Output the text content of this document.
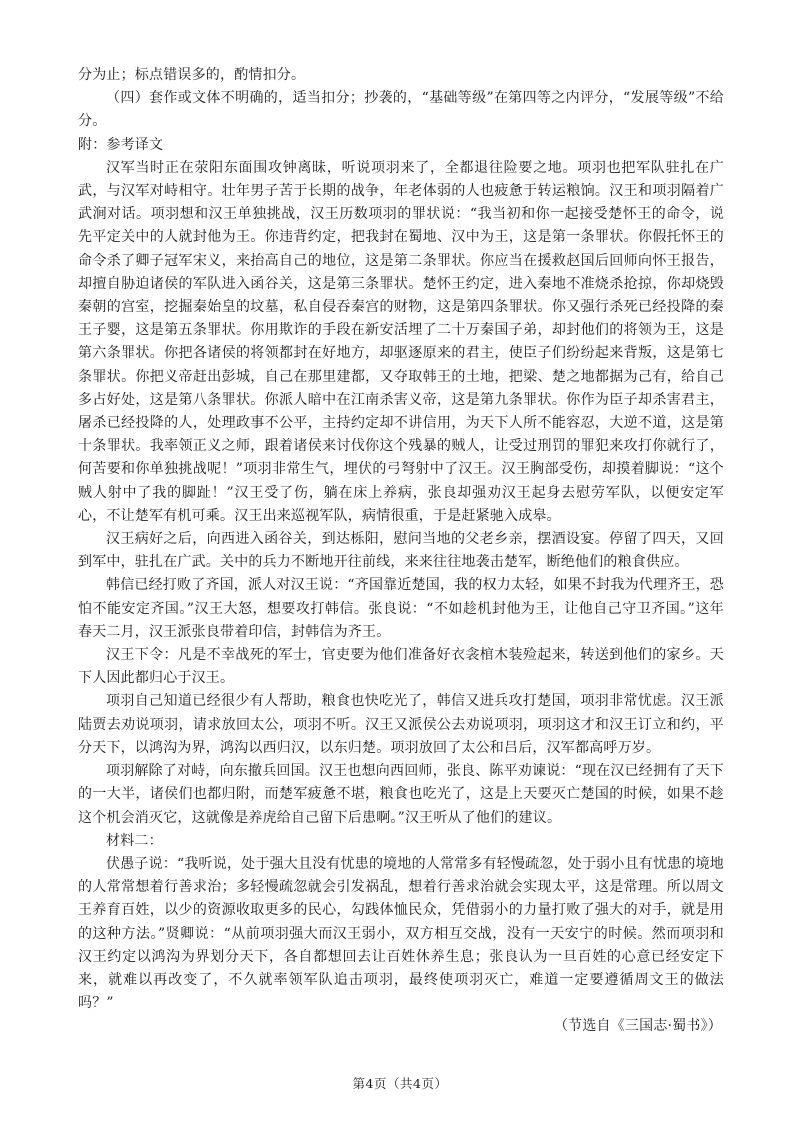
分为止；标点错误多的，酌情扣分。

（四）套作或文体不明确的，适当扣分；抄袭的，“基础等级”在第四等之内评分，“发展等级”不给分。

附：参考译文

汉军当时正在荥阳东面围攻钟离昧，听说项羽来了，全都退往险要之地。项羽也把军队驻扎在广武，与汉军对峙相守。壮年男子苦于长期的战争，年老体弱的人也疲惫于转运粮饷。汉王和项羽隔着广武涧对话。项羽想和汉王单独挑战，汉王历数项羽的罪状说：“我当初和你一起接受楚怀王的命令，说先平定关中的人就封他为王。你违背约定，把我封在蜀地、汉中为王，这是第一条罪状。你假托怀王的命令杀了卿子冠军宋义，来抬高自己的地位，这是第二条罪状。你应当在援救赵国后回师向怀王报告，却擅自胁迫诸侯的军队进入函谷关，这是第三条罪状。楚怀王约定，进入秦地不准烧杀抢掠，你却烧毁秦朝的宫室，挖掘秦始皇的坟墓，私自侵吞秦宫的财物，这是第四条罪状。你又强行杀死已经投降的秦王子婴，这是第五条罪状。你用欺诈的手段在新安活埋了二十万秦国子弟，却封他们的将领为王，这是第六条罪状。你把各诸侯的将领都封在好地方，却驱逐原来的君主，使臣子们纷纷起来背叛，这是第七条罪状。你把义帝赶出彭城，自己在那里建都，又夺取韩王的土地，把梁、楚之地都据为己有，给自己多占好处，这是第八条罪状。你派人暗中在江南杀害义帝，这是第九条罪状。你作为臣子却杀害君主，屠杀已经投降的人，处理政事不公平，主持约定却不讲信用，为天下人所不能容忍，大逆不道，这是第十条罪状。我率领正义之师，跟着诸侯来讨伐你这个残暴的贼人，让受过刑罚的罪犯来攻打你就行了，何苦要和你单独挑战呢！”项羽非常生气，埋伏的弓弩射中了汉王。汉王胸部受伤，却摸着脚说：“这个贼人射中了我的脚趾！”汉王受了伤，躺在床上养病，张良却强劝汉王起身去慰劳军队，以便安定军心，不让楚军有机可乘。汉王出来巡视军队，病情很重，于是赶紧驰入成皋。

汉王病好之后，向西进入函谷关，到达栎阳，慰问当地的父老乡亲，摆酒设宴。停留了四天，又回到军中，驻扎在广武。关中的兵力不断地开往前线，来来往往地袭击楚军，断绝他们的粮食供应。

韩信已经打败了齐国，派人对汉王说：“齐国靠近楚国，我的权力太轻，如果不封我为代理齐王，恐怕不能安定齐国。”汉王大怒，想要攻打韩信。张良说：“不如趁机封他为王，让他自己守卫齐国。”这年春天二月，汉王派张良带着印信，封韩信为齐王。

汉王下令：凡是不幸战死的军士，官吏要为他们准备好衣衾棺木装殓起来，转送到他们的家乡。天下人因此都归心于汉王。

项羽自己知道已经很少有人帮助，粮食也快吃光了，韩信又进兵攻打楚国，项羽非常忧虑。汉王派陆贾去劝说项羽，请求放回太公，项羽不听。汉王又派侯公去劝说项羽，项羽这才和汉王订立和约，平分天下，以鸿沟为界，鸿沟以西归汉，以东归楚。项羽放回了太公和吕后，汉军都高呼万岁。

项羽解除了对峙，向东撤兵回国。汉王也想向西回师，张良、陈平劝谏说：“现在汉已经拥有了天下的一大半，诸侯们也都归附，而楚军疲惫不堪，粮食也吃光了，这是上天要灭亡楚国的时候，如果不趁这个机会消灭它，这就像是养虎给自己留下后患啊。”汉王听从了他们的建议。

材料二：

伏愚子说：“我听说，处于强大且没有忧患的境地的人常常多有轻慢疏忽，处于弱小且有忧患的境地的人常常想着行善求治；多轻慢疏忽就会引发祸乱，想着行善求治就会实现太平，这是常理。所以周文王养育百姓，以少的资源收取更多的民心，勾践体恤民众，凭借弱小的力量打败了强大的对手，就是用的这种方法。”贤卿说：“从前项羽强大而汉王弱小，双方相互交战，没有一天安宁的时候。然而项羽和汉王约定以鸿沟为界划分天下，各自都想回去让百姓休养生息；张良认为一旦百姓的心意已经安定下来，就难以再改变了，不久就率领军队追击项羽，最终使项羽灭亡，难道一定要遵循周文王的做法吗？”

（节选自《三国志·蜀书》）

第4页（共4页）
